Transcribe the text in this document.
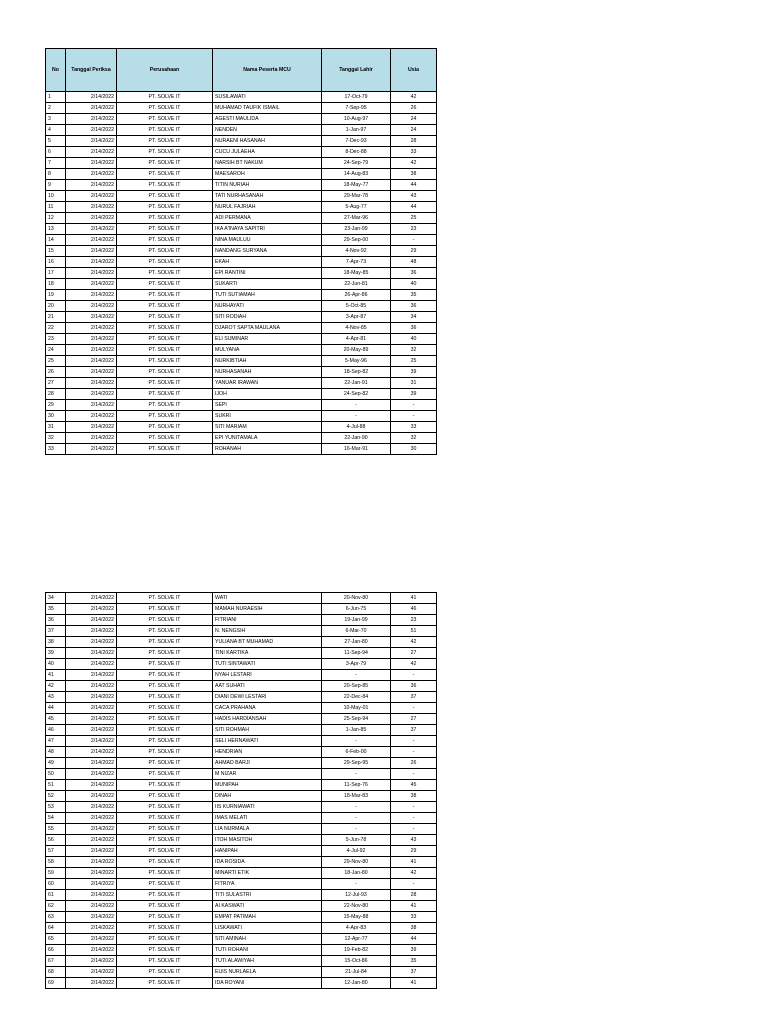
No	Tanggal Periksa	Perusahaan	Nama Peserta MCU	Tanggal Lahir	Usia
1	2/14/2022	PT. SOLVE IT	SUSILAWATI	17-Oct-79	42
2	2/14/2022	PT. SOLVE IT	MUHAMAD TAUFIK ISMAIL	7-Sep-95	26
3	2/14/2022	PT. SOLVE IT	AGESTI MAULIDA	10-Aug-97	24
4	2/14/2022	PT. SOLVE IT	NENDEN	1-Jan-97	24
5	2/14/2022	PT. SOLVE IT	NURAENI HASANAH	7-Dec-93	28
6	2/14/2022	PT. SOLVE IT	CUCU JULAEHA	8-Dec-88	33
7	2/14/2022	PT. SOLVE IT	NARSIH BT NAKUM	24-Sep-79	42
8	2/14/2022	PT. SOLVE IT	MAESAROH	14-Aug-83	38
9	2/14/2022	PT. SOLVE IT	TITIN NURIAH	18-May-77	44
10	2/14/2022	PT. SOLVE IT	TATI NURHASANAH	29-Mar-78	43
11	2/14/2022	PT. SOLVE IT	NURUL FAJRIAH	5-Aug-77	44
12	2/14/2022	PT. SOLVE IT	ADI PERMANA	27-Mar-96	25
13	2/14/2022	PT. SOLVE IT	IKA A'INAYA SAPITRI	23-Jan-99	23
14	2/14/2022	PT. SOLVE IT	NINA MAULUU	29-Sep-00	-
15	2/14/2022	PT. SOLVE IT	NANDANG SURYANA	4-Nov-92	29
16	2/14/2022	PT. SOLVE IT	EKAH	7-Apr-73	48
17	2/14/2022	PT. SOLVE IT	EPI RANTINI	18-May-85	36
18	2/14/2022	PT. SOLVE IT	SUKARTI	22-Jun-81	40
19	2/14/2022	PT. SOLVE IT	TUTI SUTIAMAH	26-Apr-86	35
20	2/14/2022	PT. SOLVE IT	NURHAYATI	5-Oct-85	36
21	2/14/2022	PT. SOLVE IT	SITI RODIAH	3-Apr-87	34
22	2/14/2022	PT. SOLVE IT	DJAROT SAPTA MAULANA	4-Nov-85	36
23	2/14/2022	PT. SOLVE IT	ELI SUMINAR	4-Apr-81	40
24	2/14/2022	PT. SOLVE IT	MULYANA	20-May-89	32
25	2/14/2022	PT. SOLVE IT	NURKIBTIAH	5-May-96	25
26	2/14/2022	PT. SOLVE IT	NURHASANAH	18-Sep-82	39
27	2/14/2022	PT. SOLVE IT	YANUAR IRAWAN	22-Jan-91	31
28	2/14/2022	PT. SOLVE IT	IJOH	24-Sep-82	39
29	2/14/2022	PT. SOLVE IT	SEPI	-	-
30	2/14/2022	PT. SOLVE IT	SUKRI	-	-
31	2/14/2022	PT. SOLVE IT	SITI MARIAM	4-Jul-88	33
32	2/14/2022	PT. SOLVE IT	EPI YUNITAMALA	22-Jan-90	32
33	2/14/2022	PT. SOLVE IT	ROHANAH	16-Mar-91	30
34	2/14/2022	PT. SOLVE IT	WATI	20-Nov-80	41
35	2/14/2022	PT. SOLVE IT	MAMAH NURAESIH	6-Jun-75	46
36	2/14/2022	PT. SOLVE IT	FITRIANI	19-Jan-99	23
37	2/14/2022	PT. SOLVE IT	N. NENGSIH	6-Mar-70	51
38	2/14/2022	PT. SOLVE IT	YULIANA BT MUHAMAD	27-Jan-80	42
39	2/14/2022	PT. SOLVE IT	TINI KARTIKA	11-Sep-94	27
40	2/14/2022	PT. SOLVE IT	TUTI SINTAWATI	3-Apr-79	42
41	2/14/2022	PT. SOLVE IT	NYAH LESTARI	-	-
42	2/14/2022	PT. SOLVE IT	AAT SUHATI	20-Sep-85	36
43	2/14/2022	PT. SOLVE IT	DIANI DEWI LESTARI	22-Dec-84	37
44	2/14/2022	PT. SOLVE IT	CACA PRAHANA	10-May-01	-
45	2/14/2022	PT. SOLVE IT	HADIS HARDIANSAH	25-Sep-94	27
46	2/14/2022	PT. SOLVE IT	SITI ROHMAH	1-Jan-85	37
47	2/14/2022	PT. SOLVE IT	SELI HERNAWATI	-	-
48	2/14/2022	PT. SOLVE IT	HENDRIAN	6-Feb-00	-
49	2/14/2022	PT. SOLVE IT	AHMAD BARJI	29-Sep-95	26
50	2/14/2022	PT. SOLVE IT	M NIZAR	-	-
51	2/14/2022	PT. SOLVE IT	MUNIPAH	11-Sep-76	45
52	2/14/2022	PT. SOLVE IT	DINAH	18-Mar-83	38
53	2/14/2022	PT. SOLVE IT	IIS KURNIAWATI	-	-
54	2/14/2022	PT. SOLVE IT	IMAS MELATI	-	-
55	2/14/2022	PT. SOLVE IT	LIA NURMALA	-	-
56	2/14/2022	PT. SOLVE IT	ITOH MASITOH	5-Jun-78	43
57	2/14/2022	PT. SOLVE IT	HANIPAH	4-Jul-92	29
58	2/14/2022	PT. SOLVE IT	IDA ROSIDA	29-Nov-80	41
59	2/14/2022	PT. SOLVE IT	MINARTI ETIK	18-Jan-80	42
60	2/14/2022	PT. SOLVE IT	FITRIYA	-	-
61	2/14/2022	PT. SOLVE IT	TITI SULASTRI	12-Jul-93	28
62	2/14/2022	PT. SOLVE IT	AI KASWATI	22-Nov-80	41
63	2/14/2022	PT. SOLVE IT	EMPAT PATIMAH	15-May-88	33
64	2/14/2022	PT. SOLVE IT	LISKAWATI	4-Apr-83	38
65	2/14/2022	PT. SOLVE IT	SITI AMINAH	12-Apr-77	44
66	2/14/2022	PT. SOLVE IT	TUTI ROHANI	19-Feb-82	39
67	2/14/2022	PT. SOLVE IT	TUTI ALAWIYAH	15-Oct-86	35
68	2/14/2022	PT. SOLVE IT	EUIS NURLAELA	21-Jul-84	37
69	2/14/2022	PT. SOLVE IT	IDA ROYANI	12-Jan-80	41
